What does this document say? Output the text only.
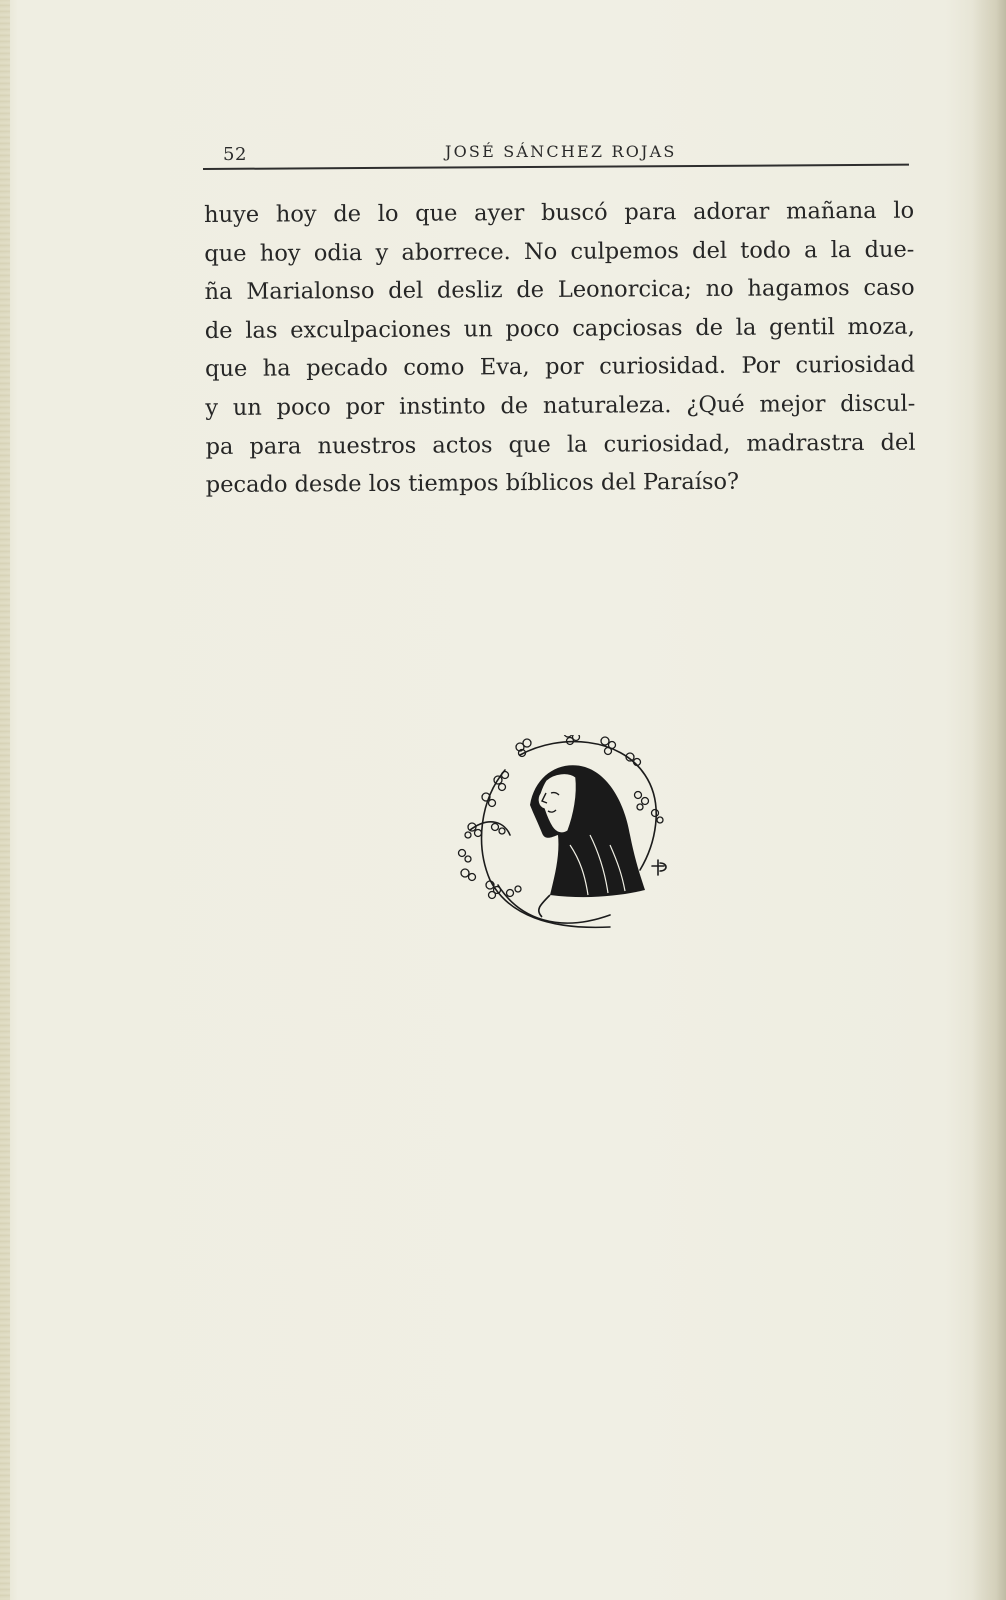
52	JOSÉ SÁNCHEZ ROJAS
huye hoy de lo que ayer buscó para adorar mañana lo
que hoy odia y aborrece. No culpemos del todo a la due-
ña Marialonso del desliz de Leonorcica; no hagamos caso
de las exculpaciones un poco capciosas de la gentil moza,
que ha pecado como Eva, por curiosidad. Por curiosidad
y un poco por instinto de naturaleza. ¿Qué mejor discul-
pa para nuestros actos que la curiosidad, madrastra del
pecado desde los tiempos bíblicos del Paraíso?
